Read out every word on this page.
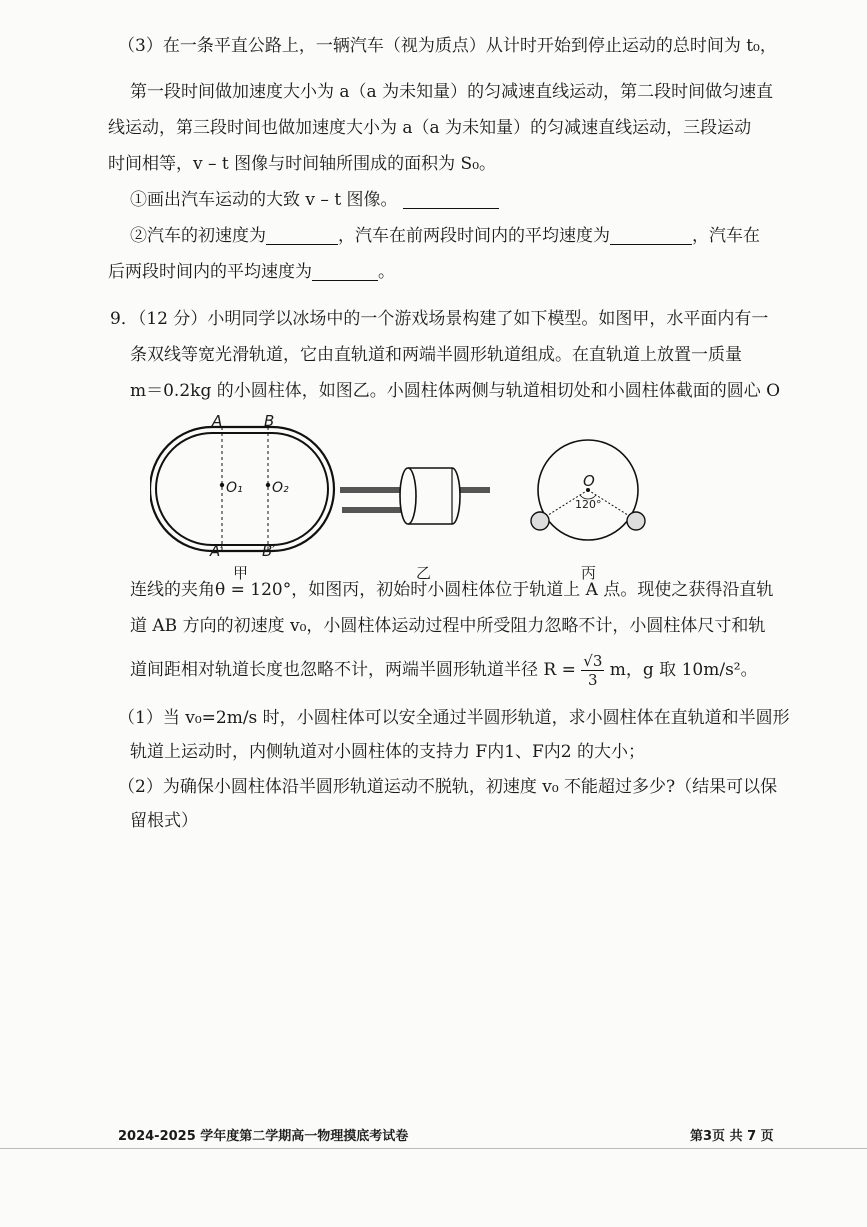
（3）在一条平直公路上，一辆汽车（视为质点）从计时开始到停止运动的总时间为 t₀，
第一段时间做加速度大小为 a（a 为未知量）的匀减速直线运动，第二段时间做匀速直
线运动，第三段时间也做加速度大小为 a（a 为未知量）的匀减速直线运动，三段运动
时间相等，v – t 图像与时间轴所围成的面积为 S₀。
①画出汽车运动的大致 v – t 图像。
②汽车的初速度为	，汽车在前两段时间内的平均速度为	，汽车在
后两段时间内的平均速度为	。
9．（12 分）小明同学以冰场中的一个游戏场景构建了如下模型。如图甲，水平面内有一
条双线等宽光滑轨道，它由直轨道和两端半圆形轨道组成。在直轨道上放置一质量
m＝0.2kg 的小圆柱体，如图乙。小圆柱体两侧与轨道相切处和小圆柱体截面的圆心 O
A	B
O₁ O₂
A′	B′
甲	乙
O
120°
丙
连线的夹角θ = 120°，如图丙，初始时小圆柱体位于轨道上 A 点。现使之获得沿直轨
道 AB 方向的初速度 v₀，小圆柱体运动过程中所受阻力忽略不计，小圆柱体尺寸和轨
道间距相对轨道长度也忽略不计，两端半圆形轨道半径 $R = \frac{√3}{3}$ m，g 取 10m/s²。
（1）当 v₀=2m/s 时，小圆柱体可以安全通过半圆形轨道，求小圆柱体在直轨道和半圆形
轨道上运动时，内侧轨道对小圆柱体的支持力 F内1、F内2 的大小；
（2）为确保小圆柱体沿半圆形轨道运动不脱轨，初速度 v₀ 不能超过多少?（结果可以保
留根式）
2024-2025 学年度第二学期高一物理摸底考试卷	第3页 共 7 页
